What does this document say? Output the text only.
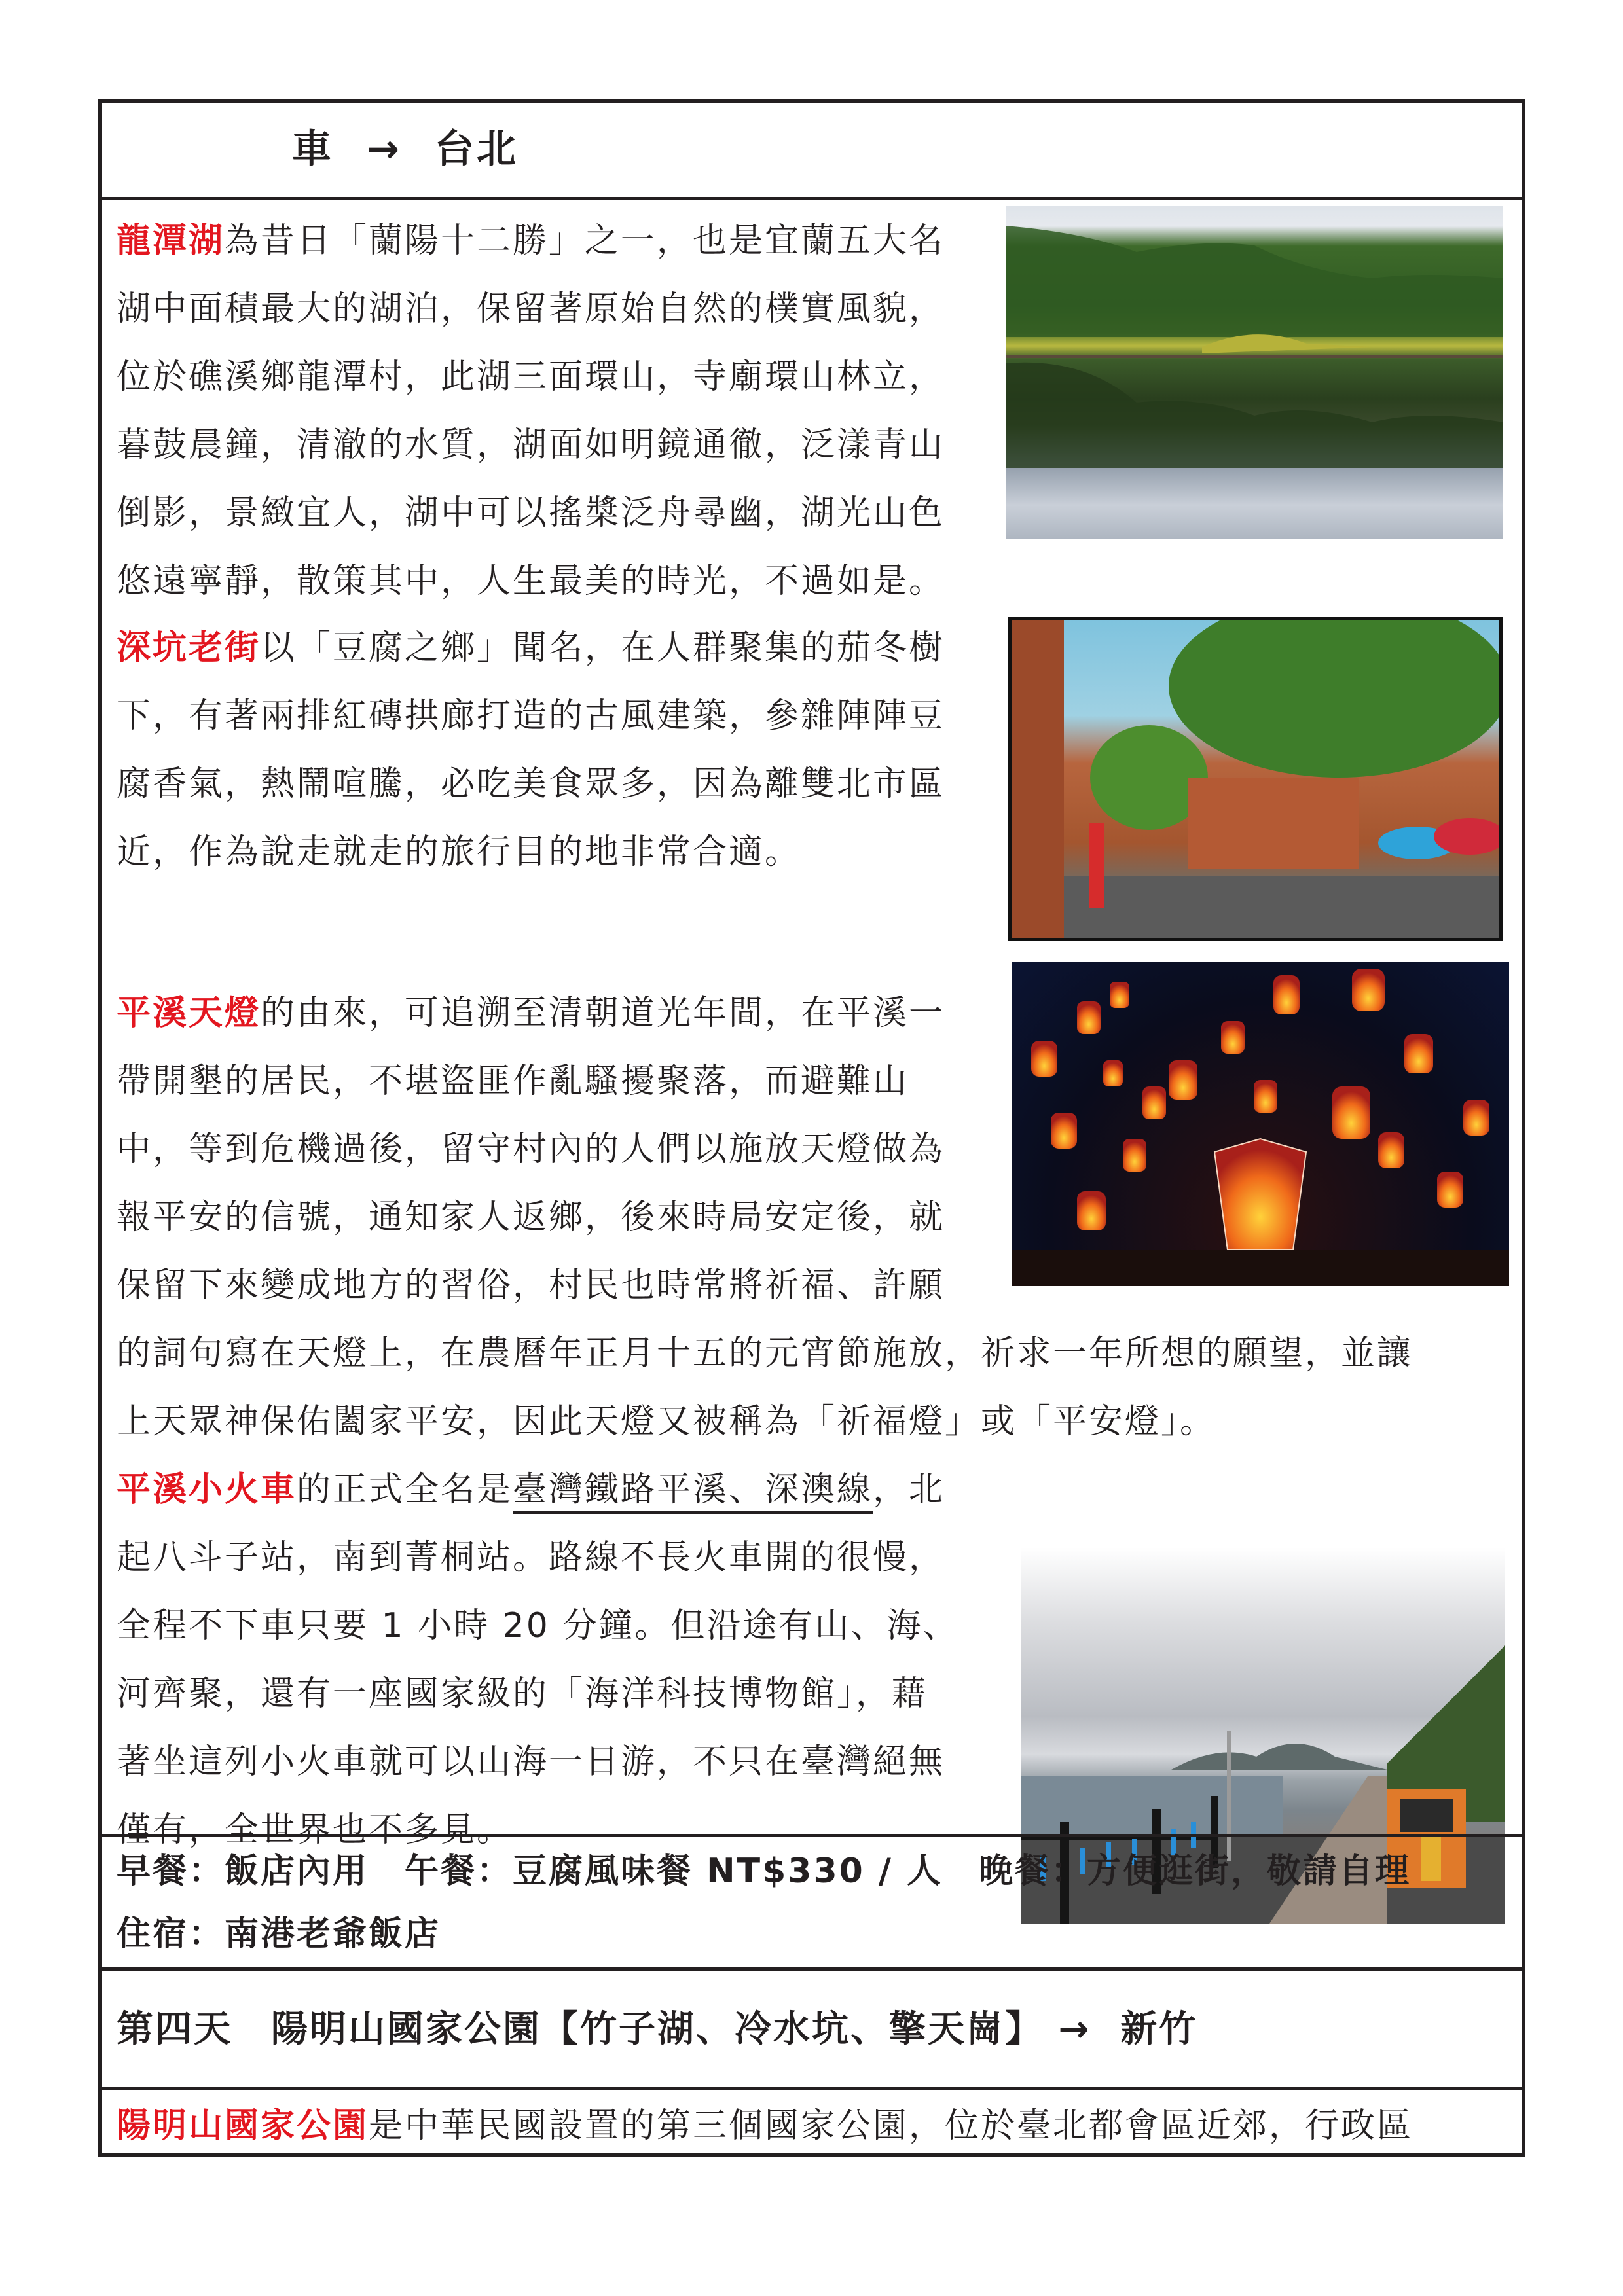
車  →  台北
龍潭湖為昔日「蘭陽十二勝」之一，也是宜蘭五大名
湖中面積最大的湖泊，保留著原始自然的樸實風貌，
位於礁溪鄉龍潭村，此湖三面環山，寺廟環山林立，
暮鼓晨鐘，清澈的水質，湖面如明鏡通徹，泛漾青山
倒影，景緻宜人，湖中可以搖槳泛舟尋幽，湖光山色
悠遠寧靜，散策其中，人生最美的時光，不過如是。
深坑老街以「豆腐之鄉」聞名，在人群聚集的茄冬樹
下，有著兩排紅磚拱廊打造的古風建築，參雜陣陣豆
腐香氣，熱鬧喧騰，必吃美食眾多，因為離雙北市區
近，作為說走就走的旅行目的地非常合適。
平溪天燈的由來，可追溯至清朝道光年間，在平溪一
帶開墾的居民，不堪盜匪作亂騷擾聚落，而避難山
中，等到危機過後，留守村內的人們以施放天燈做為
報平安的信號，通知家人返鄉，後來時局安定後，就
保留下來變成地方的習俗，村民也時常將祈福、許願
的詞句寫在天燈上，在農曆年正月十五的元宵節施放，祈求一年所想的願望，並讓
上天眾神保佑闔家平安，因此天燈又被稱為「祈福燈」或「平安燈」。
平溪小火車的正式全名是臺灣鐵路平溪、深澳線，北
起八斗子站，南到菁桐站。路線不長火車開的很慢，
全程不下車只要 1 小時 20 分鐘。但沿途有山、海、
河齊聚，還有一座國家級的「海洋科技博物館」，藉
著坐這列小火車就可以山海一日游，不只在臺灣絕無
僅有，全世界也不多見。
早餐：飯店內用　午餐：豆腐風味餐 NT$330 / 人　晚餐：方便逛街，敬請自理
住宿：南港老爺飯店
第四天　陽明山國家公園【竹子湖、冷水坑、擎天崗】 →  新竹
陽明山國家公園是中華民國設置的第三個國家公園，位於臺北都會區近郊，行政區
